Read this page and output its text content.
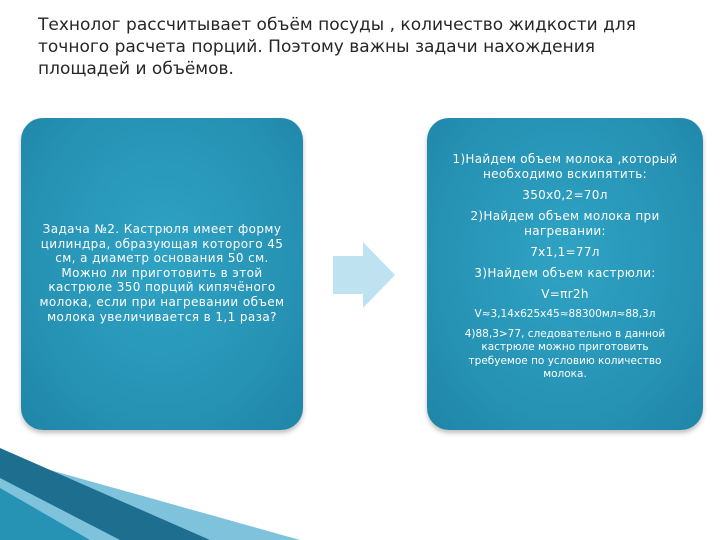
Технолог рассчитывает объём посуды , количество жидкости для
точного расчета порций. Поэтому важны задачи нахождения
площадей и объёмов.
Задача №2. Кастрюля имеет форму
цилиндра, образующая которого 45
см, а диаметр основания 50 см.
Можно ли приготовить в этой
кастрюле 350 порций кипячёного
молока, если при нагревании объем
молока увеличивается в 1,1 раза?
1)Найдем объем молока ,который
необходимо вскипятить:
350х0,2=70л
2)Найдем объем молока при
нагревании:
7х1,1=77л
3)Найдем объем кастрюли:
V=πr2h
V≈3,14х625х45≈88300мл≈88,3л
4)88,3>77, следовательно в данной
кастрюле можно приготовить
требуемое по условию количество
молока.
